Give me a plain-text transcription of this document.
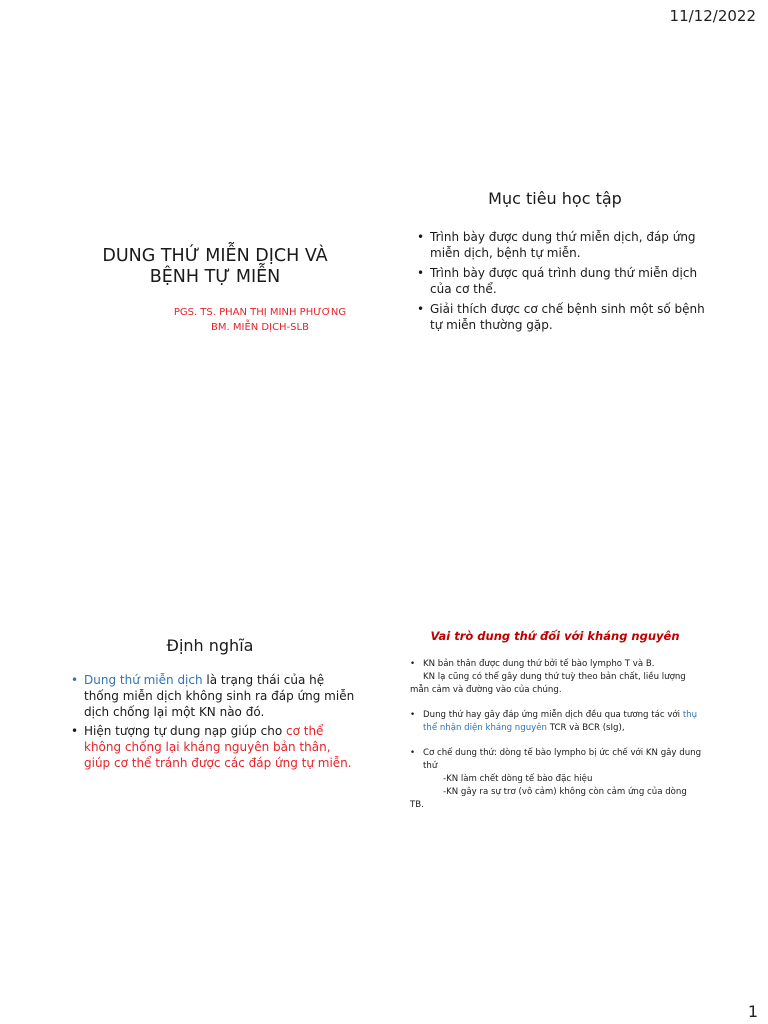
11/12/2022
DUNG THỨ MIỄN DỊCH VÀ
BỆNH TỰ MIỄN
PGS. TS. PHAN THỊ MINH PHƯƠNG
BM. MIỄN DỊCH-SLB
Mục tiêu học tập
• Trình bày được dung thứ miễn dịch, đáp ứng miễn dịch, bệnh tự miễn.
• Trình bày được quá trình dung thứ miễn dịch của cơ thể.
• Giải thích được cơ chế bệnh sinh một số bệnh tự miễn thường gặp.
Định nghĩa
• Dung thứ miễn dịch là trạng thái của hệ thống miễn dịch không sinh ra đáp ứng miễn dịch chống lại một KN nào đó.
• Hiện tượng tự dung nạp giúp cho cơ thể không chống lại kháng nguyên bản thân, giúp cơ thể tránh được các đáp ứng tự miễn.
Vai trò dung thứ đối với kháng nguyên
• KN bản thân được dung thứ bởi tế bào lympho T và B.
KN lạ cũng có thể gây dung thứ tuỳ theo bản chất, liều lượng mẫn cảm và đường vào của chúng.
• Dung thứ hay gây đáp ứng miễn dịch đều qua tương tác với thụ thể nhận diện kháng nguyên TCR và BCR (sIg),
• Cơ chế dung thứ: dòng tế bào lympho bị ức chế với KN gây dung thứ
-KN làm chết dòng tế bào đặc hiệu
-KN gây ra sự trơ (vô cảm) không còn cảm ứng của dòng
TB.
1
